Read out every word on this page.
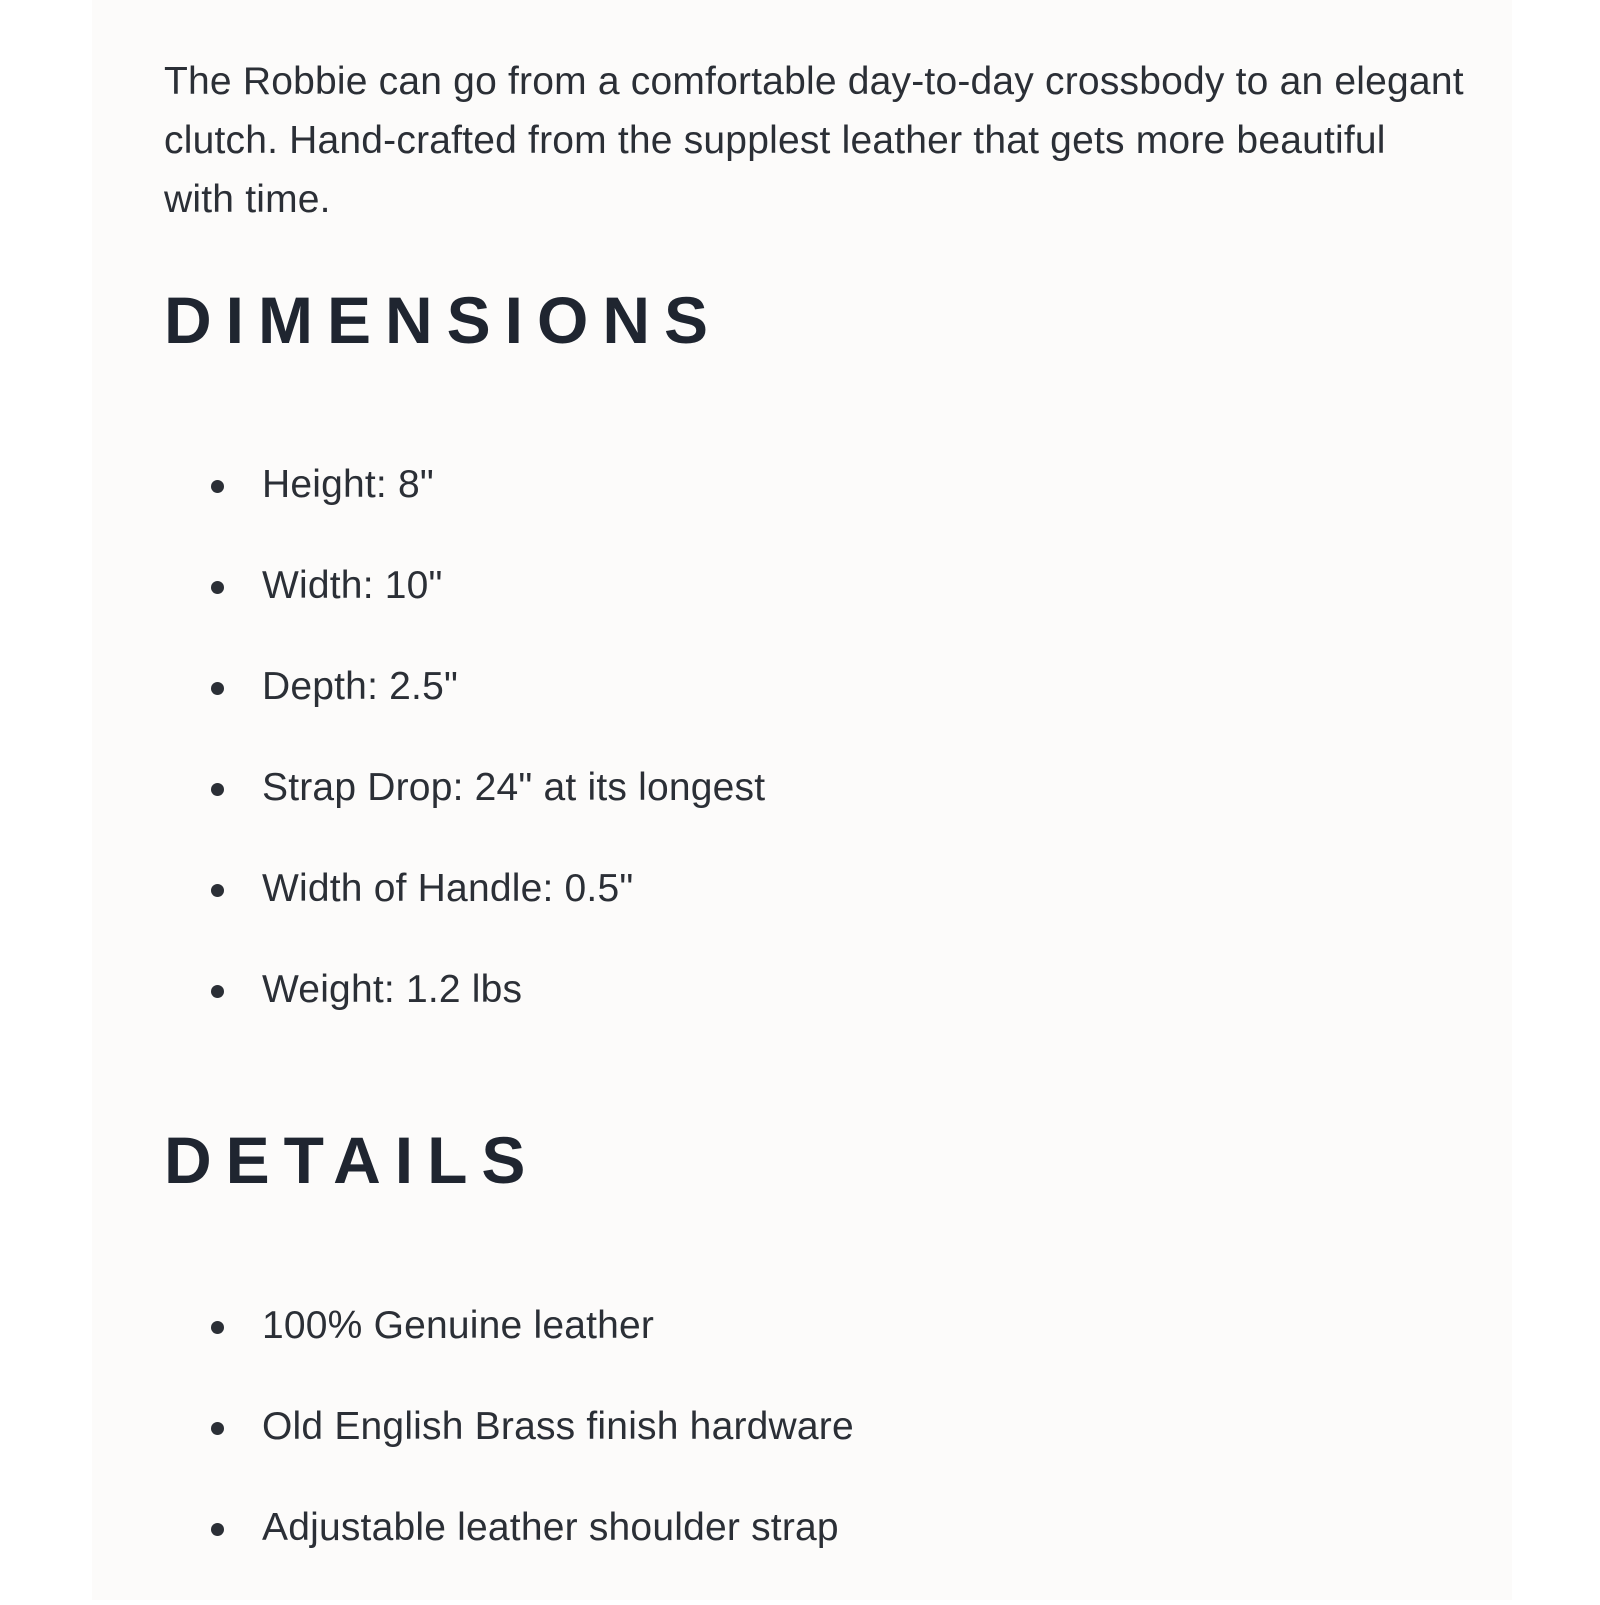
The Robbie can go from a comfortable day-to-day crossbody to an elegant clutch. Hand-crafted from the supplest leather that gets more beautiful with time.

DIMENSIONS
Height: 8"
Width: 10"
Depth: 2.5"
Strap Drop: 24" at its longest
Width of Handle: 0.5"
Weight: 1.2 lbs
DETAILS
100% Genuine leather
Old English Brass finish hardware
Adjustable leather shoulder strap
